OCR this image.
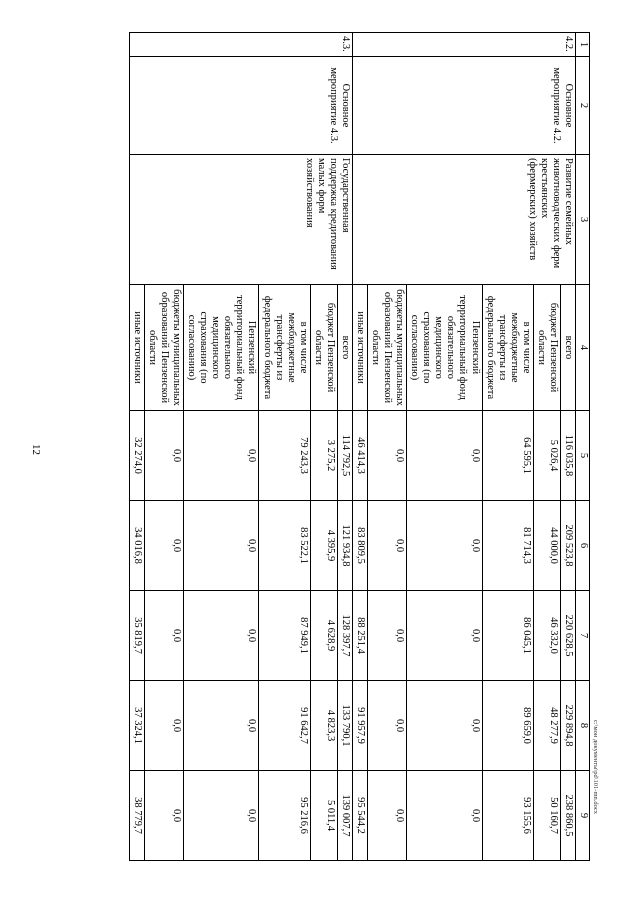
12
1	2	3	4	5	6	7	8	9
4.2.	Основное мероприятие 4.2.	Развитие семейных животноводческих ферм крестьянских (фермерских) хозяйств	всего	116 035,8	209 523,8	220 628,5	229 894,8	238 860,5
			бюджет Пензенской области	5 026,4	44 000,0	46 332,0	48 277,9	50 160,7
			в том числе межбюджетные трансферты из федерального бюджета	64 595,1	81 714,3	86 045,1	89 659,0	93 155,6
			Пензенский территориальный фонд обязательного медицинского страхования (по согласованию)	0,0	0,0	0,0	0,0	0,0
			бюджеты муниципальных образований Пензенской области	0,0	0,0	0,0	0,0	0,0
			иные источники	46 414,3	83 809,5	88 251,4	91 957,9	95 544,2
4.3.	Основное мероприятие 4.3.	Государственная поддержка кредитования малых форм хозяйствования	всего	114 792,5	121 934,8	128 397,7	133 790,1	139 007,7
			бюджет Пензенской области	3 275,2	4 395,9	4 628,9	4 823,3	5 011,4
			в том числе межбюджетные трансферты из федерального бюджета	79 243,3	83 522,1	87 949,1	91 642,7	95 216,6
			Пензенский территориальный фонд обязательного медицинского страхования (по согласованию)	0,0	0,0	0,0	0,0	0,0
			бюджеты муниципальных образований Пензенской области	0,0	0,0	0,0	0,0	0,0
			иные источники	32 274,0	34 016,8	35 819,7	37 324,1	38 779,7
c:\мои документы\pd\101-mn.docx
